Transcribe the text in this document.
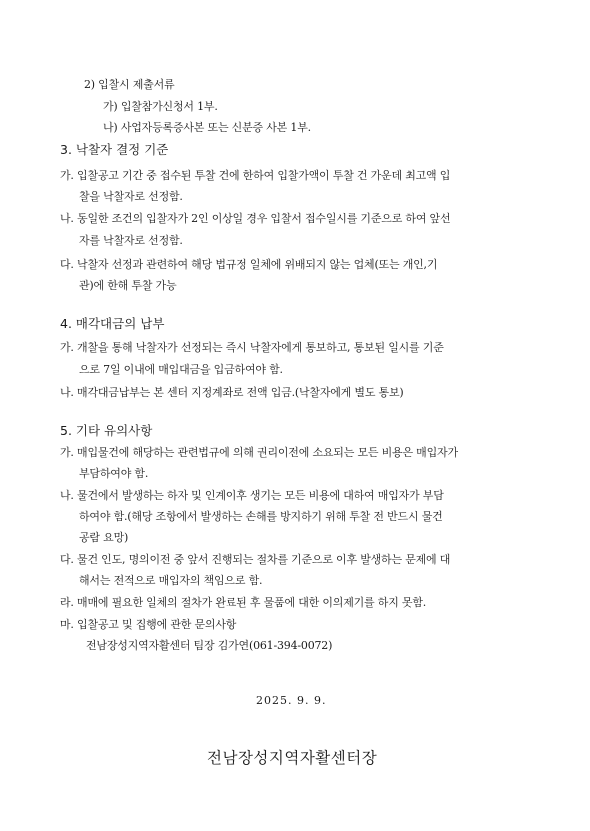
2) 입찰시 제출서류
가) 입찰참가신청서 1부.
나) 사업자등록증사본 또는 신분증 사본 1부.
3. 낙찰자 결정 기준
가. 입찰공고 기간 중 접수된 투찰 건에 한하여 입찰가액이 투찰 건 가운데 최고액 입
찰을 낙찰자로 선정함.
나. 동일한 조건의 입찰자가 2인 이상일 경우 입찰서 접수일시를 기준으로 하여 앞선
자를 낙찰자로 선정함.
다. 낙찰자 선정과 관련하여 해당 법규정 일체에 위배되지 않는 업체(또는 개인,기
관)에 한해 투찰 가능
4. 매각대금의 납부
가. 개찰을 통해 낙찰자가 선정되는 즉시 낙찰자에게 통보하고, 통보된 일시를 기준
으로 7일 이내에 매입대금을 입금하여야 함.
나. 매각대금납부는 본 센터 지정계좌로 전액 입금.(낙찰자에게 별도 통보)
5. 기타 유의사항
가. 매입물건에 해당하는 관련법규에 의해 권리이전에 소요되는 모든 비용은 매입자가
부담하여야 함.
나. 물건에서 발생하는 하자 및 인계이후 생기는 모든 비용에 대하여 매입자가 부담
하여야 함.(해당 조항에서 발생하는 손해를 방지하기 위해 투찰 전 반드시 물건
공람 요망)
다. 물건 인도, 명의이전 중 앞서 진행되는 절차를 기준으로 이후 발생하는 문제에 대
해서는 전적으로 매입자의 책임으로 함.
라. 매매에 필요한 일체의 절차가 완료된 후 물품에 대한 이의제기를 하지 못함.
마. 입찰공고 및 집행에 관한 문의사항
전남장성지역자활센터 팀장 김가연(061-394-0072)
2025. 9. 9.
전남장성지역자활센터장
